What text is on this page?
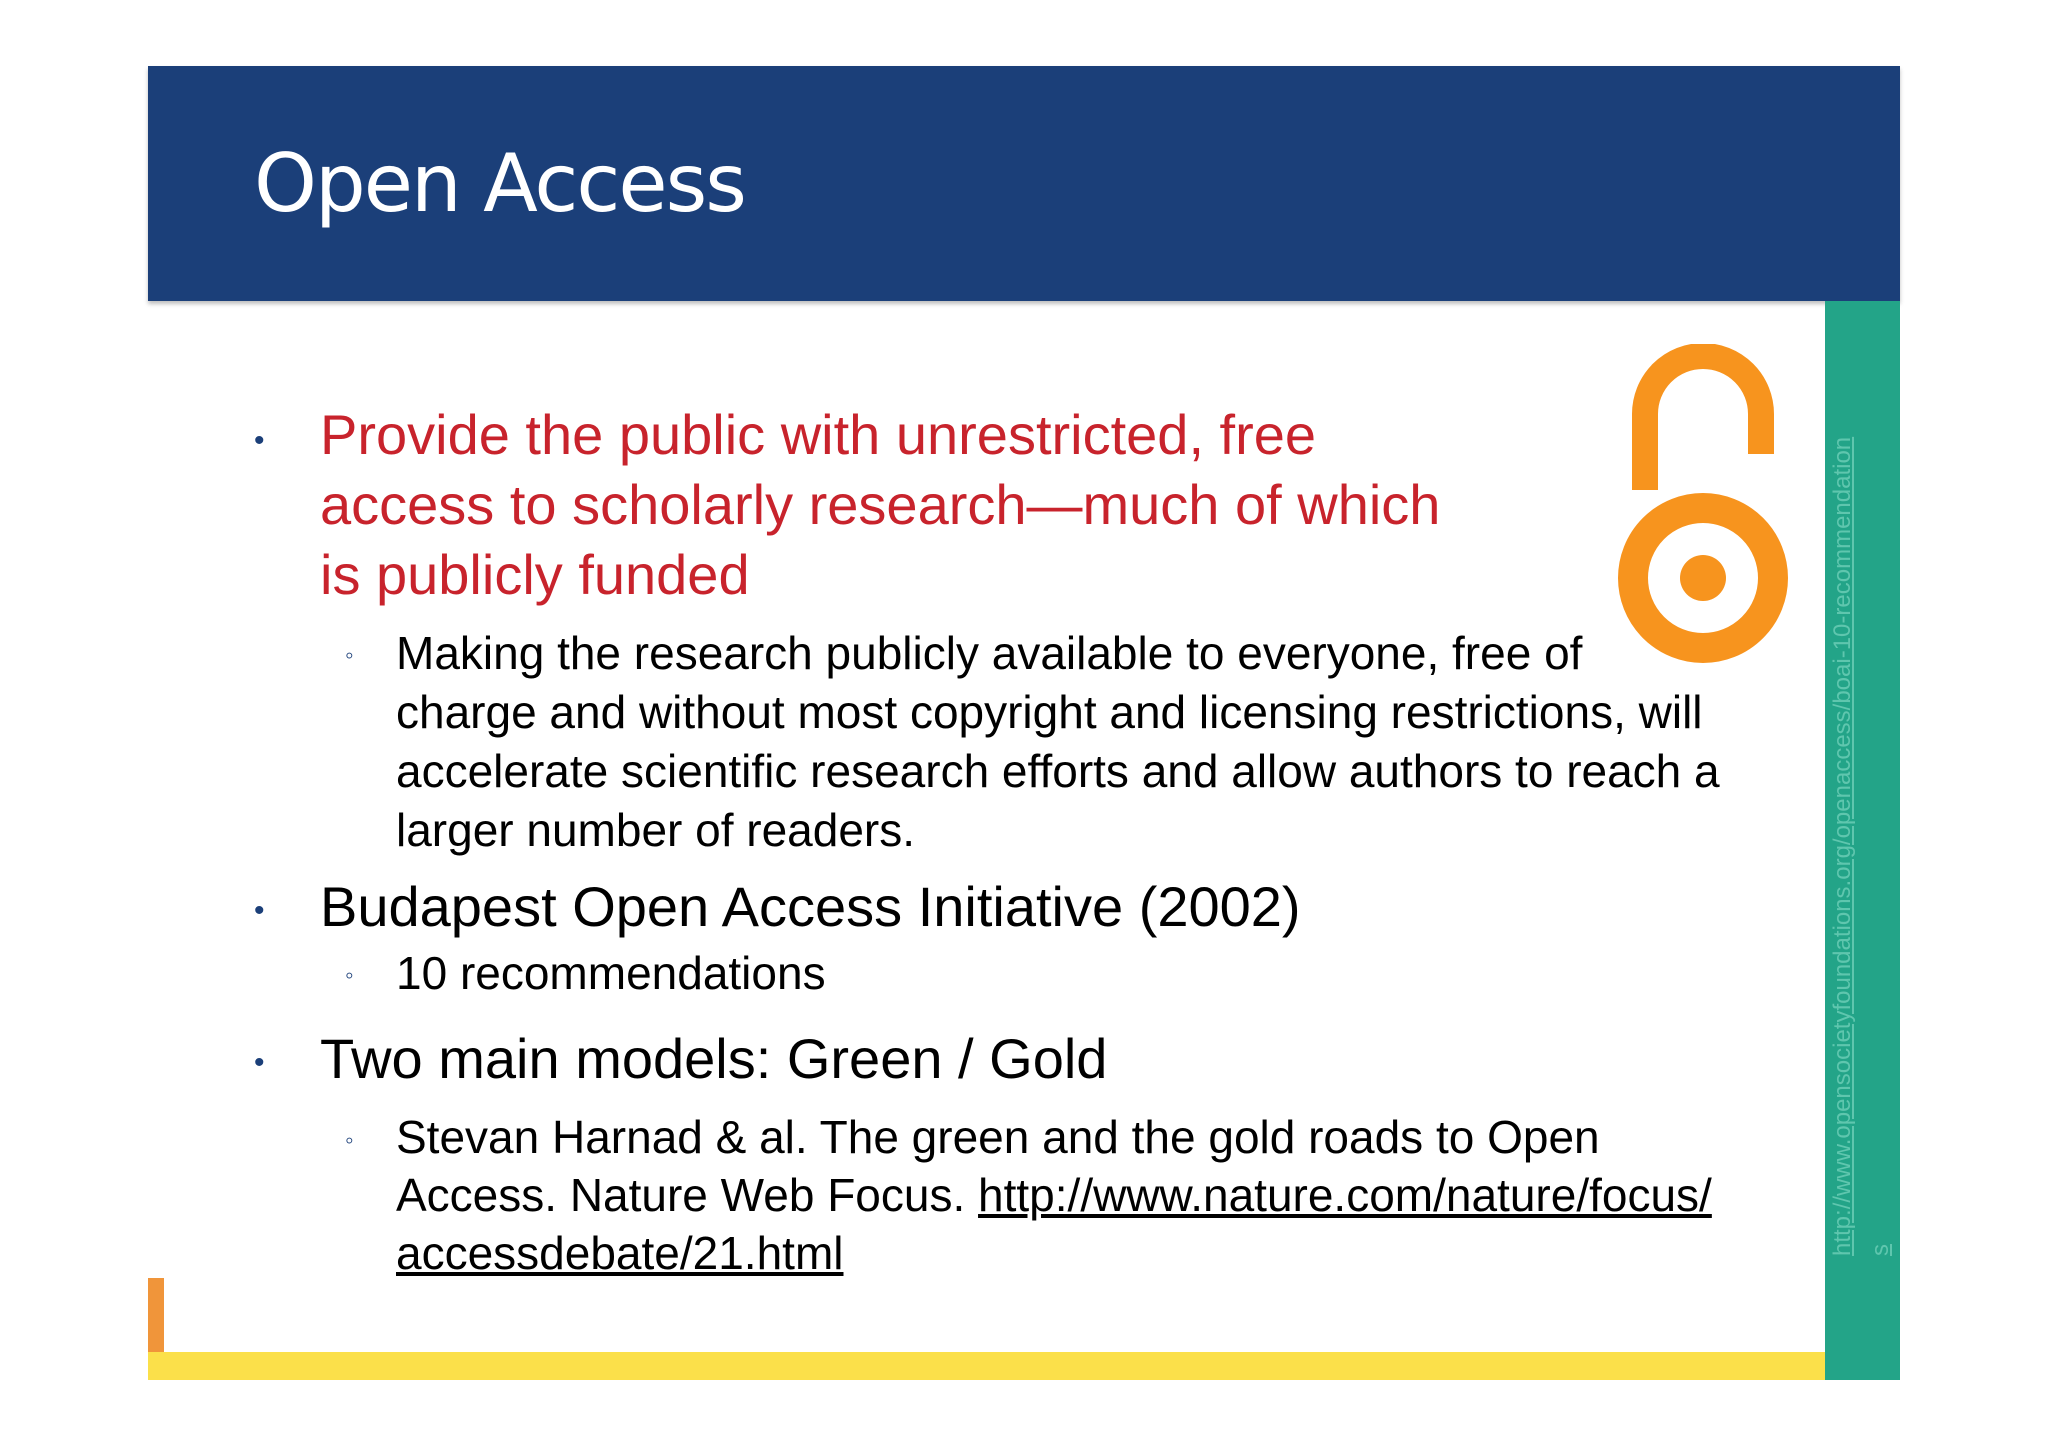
Open Access
http://www.opensocietyfoundations.org/openaccess/boai-10-recommendations
• Provide the public with unrestricted, free

access to scholarly research—much of which

is publicly funded

◦ Making the research publicly available to everyone, free of

charge and without most copyright and licensing restrictions, will

accelerate scientific research efforts and allow authors to reach a

larger number of readers.

• Budapest Open Access Initiative (2002)

◦ 10 recommendations

• Two main models: Green / Gold

◦ Stevan Harnad & al. The green and the gold roads to Open

Access. Nature Web Focus. http://www.nature.com/nature/focus/

accessdebate/21.html
